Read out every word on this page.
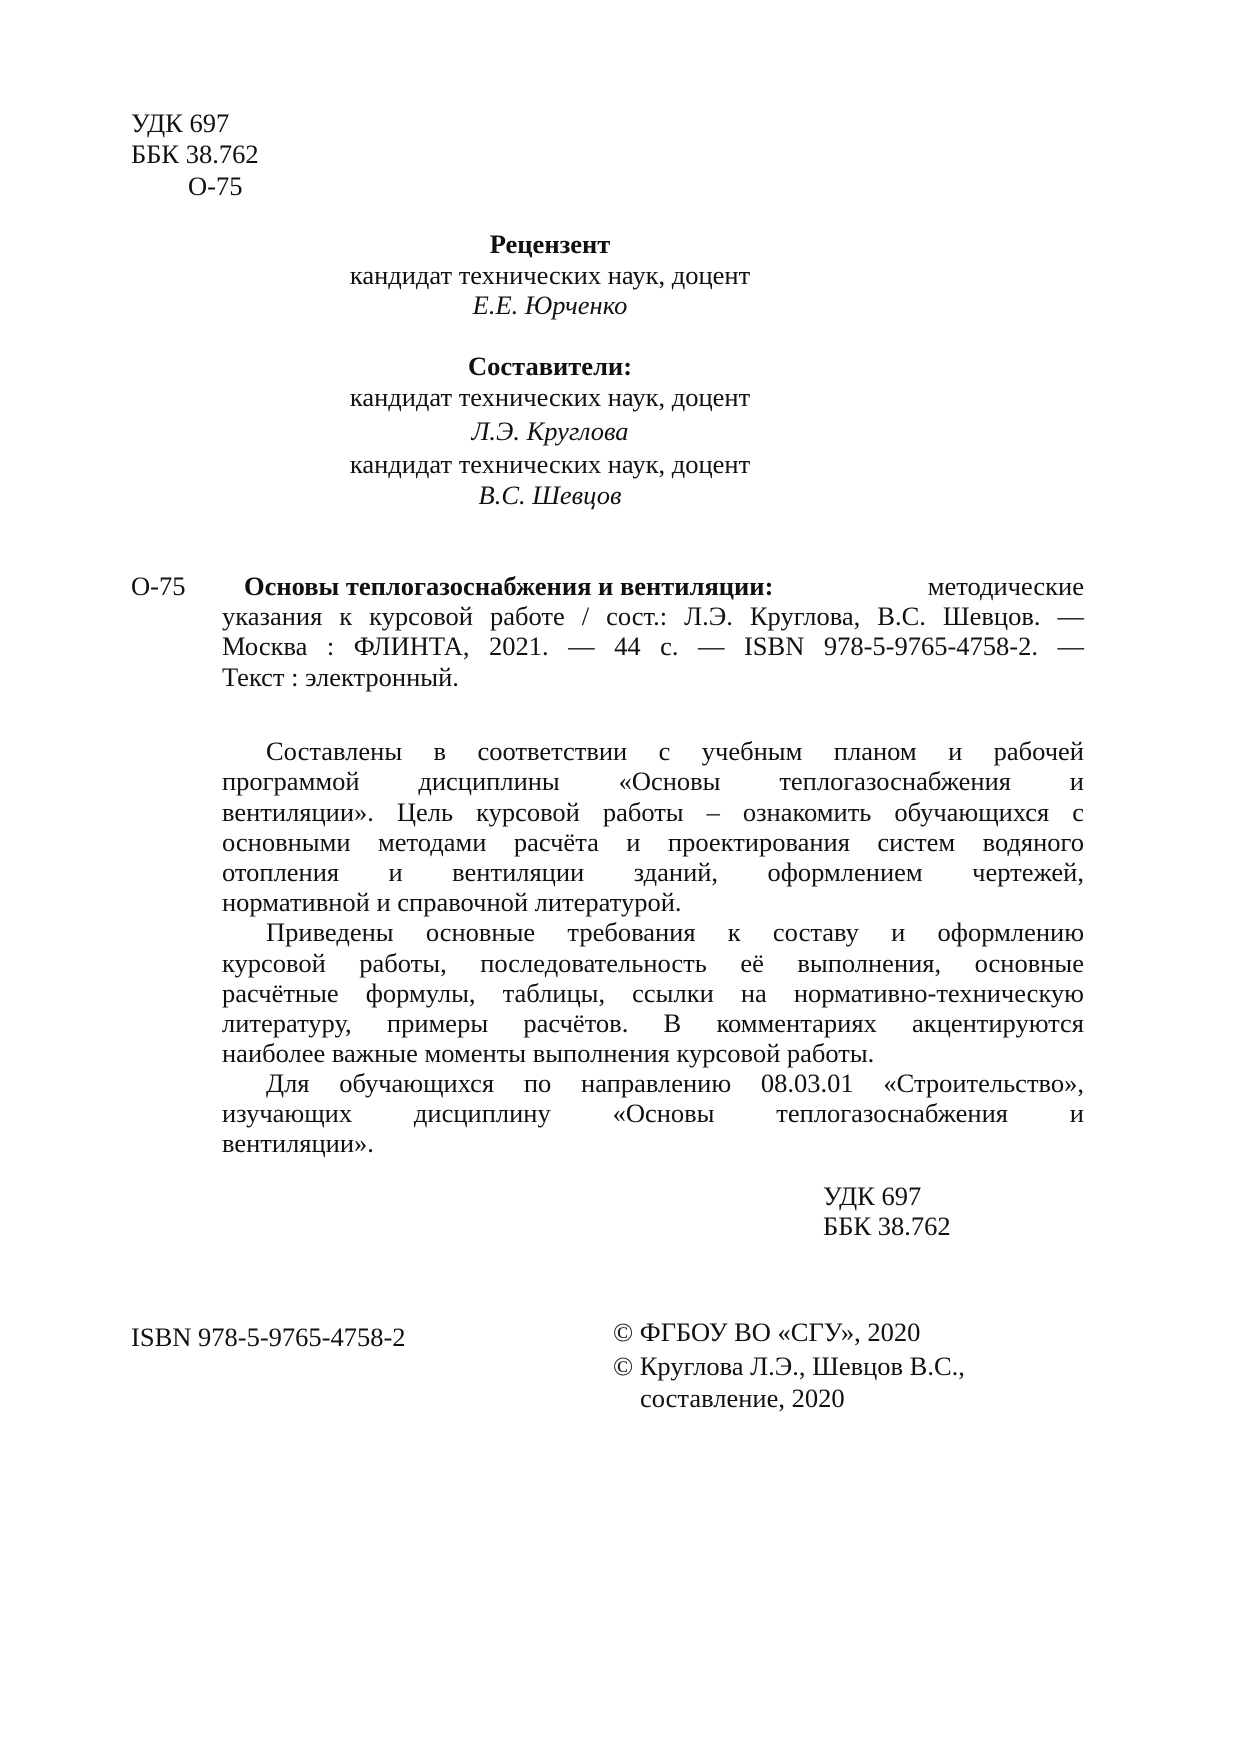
УДК 697
ББК 38.762
О-75
Рецензент
кандидат технических наук, доцент
Е.Е. Юрченко
Составители:
кандидат технических наук, доцент
Л.Э. Круглова
кандидат технических наук, доцент
В.С. Шевцов
О-75 Основы теплогазоснабжения и вентиляции:	методические
указания к курсовой работе / сост.: Л.Э. Круглова, В.С. Шевцов. —
Москва : ФЛИНТА, 2021. — 44 с. — ISBN 978-5-9765-4758-2. —
Текст : электронный.
Составлены в соответствии с учебным планом и рабочей
программой дисциплины «Основы теплогазоснабжения и
вентиляции». Цель курсовой работы – ознакомить обучающихся с
основными методами расчёта и проектирования систем водяного
отопления и вентиляции зданий, оформлением чертежей,
нормативной и справочной литературой.
Приведены основные требования к составу и оформлению
курсовой работы, последовательность её выполнения, основные
расчётные формулы, таблицы, ссылки на нормативно-техническую
литературу, примеры расчётов. В комментариях акцентируются
наиболее важные моменты выполнения курсовой работы.
Для обучающихся по направлению 08.03.01 «Строительство»,
изучающих дисциплину «Основы теплогазоснабжения и
вентиляции».
УДК 697
ББК 38.762
ISBN 978-5-9765-4758-2	© ФГБОУ ВО «СГУ», 2020
© Круглова Л.Э., Шевцов В.С.,
составление, 2020
